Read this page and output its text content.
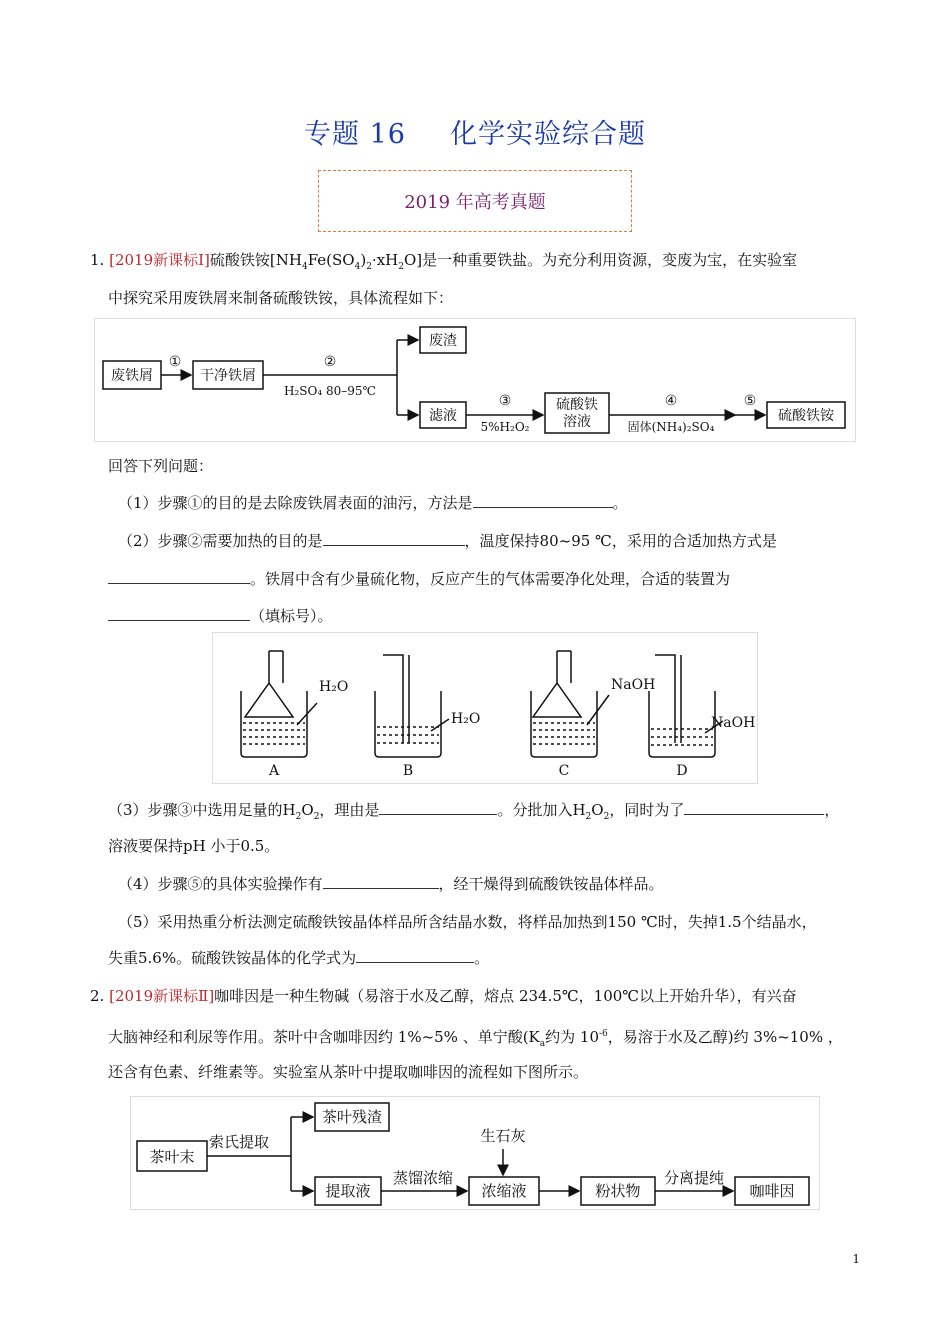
专题 16 化学实验综合题
2019 年高考真题
1. [2019新课标Ⅰ]硫酸铁铵$[NH_4Fe(SO_4)_2\cdot xH_2O]$是一种重要铁盐。为充分利用资源，变废为宝，在实验室
中探究采用废铁屑来制备硫酸铁铵，具体流程如下：
废铁屑
①
干净铁屑
②
H₂SO₄ 80–95℃
废渣
滤液
③
5%H₂O₂
硫酸铁
溶液
④
固体(NH₄)₂SO₄
⑤
硫酸铁铵
回答下列问题：
（1）步骤①的目的是去除废铁屑表面的油污，方法是	。
（2）步骤②需要加热的目的是	，温度保持80~95 ℃，采用的合适加热方式是
。铁屑中含有少量硫化物，反应产生的气体需要净化处理，合适的装置为
（填标号）。
H₂O
H₂O
NaOH
NaOH
A	B	C	D
（3）步骤③中选用足量的$H_2O_2$，理由是	。分批加入$H_2O_2$，同时为了	，
溶液要保持pH 小于0.5。
（4）步骤⑤的具体实验操作有	，经干燥得到硫酸铁铵晶体样品。
（5）采用热重分析法测定硫酸铁铵晶体样品所含结晶水数，将样品加热到150 ℃时，失掉1.5个结晶水，
失重5.6%。硫酸铁铵晶体的化学式为	。
2. [2019新课标Ⅱ]咖啡因是一种生物碱（易溶于水及乙醇，熔点 234.5℃，100℃以上开始升华），有兴奋
大脑神经和利尿等作用。茶叶中含咖啡因约 1%~5% 、单宁酸($K_a$约为 $10^{-6}$，易溶于水及乙醇)约 3%~10% ，
还含有色素、纤维素等。实验室从茶叶中提取咖啡因的流程如下图所示。
茶叶末
索氏提取
茶叶残渣
提取液
蒸馏浓缩
生石灰
浓缩液	粉状物
分离提纯
咖啡因
1
